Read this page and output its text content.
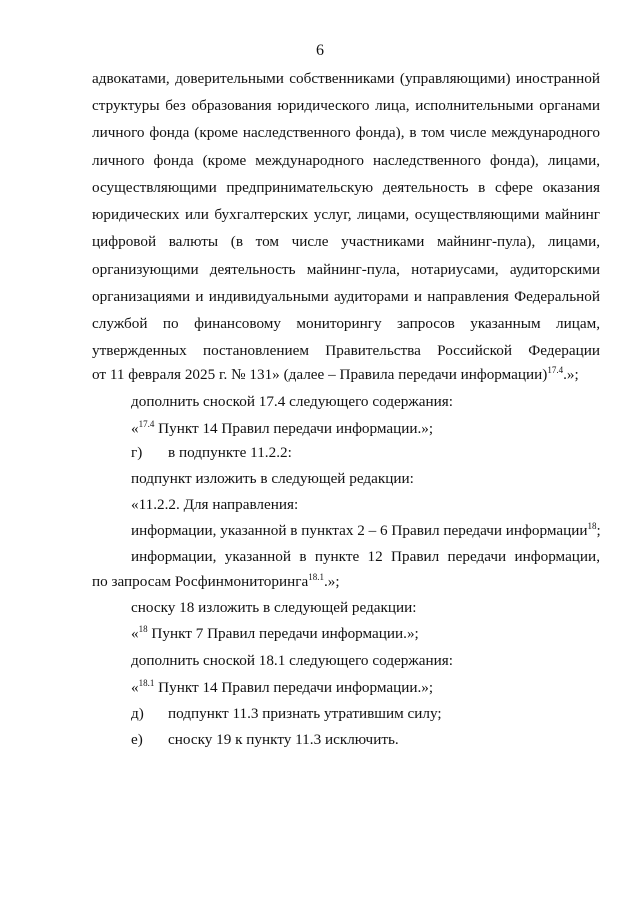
6
адвокатами, доверительными собственниками (управляющими) иностранной
структуры без образования юридического лица, исполнительными органами
личного фонда (кроме наследственного фонда), в том числе международного
личного фонда (кроме международного наследственного фонда), лицами,
осуществляющими предпринимательскую деятельность в сфере оказания
юридических или бухгалтерских услуг, лицами, осуществляющими майнинг
цифровой валюты (в том числе участниками майнинг-пула), лицами,
организующими деятельность майнинг-пула, нотариусами, аудиторскими
организациями и индивидуальными аудиторами и направления Федеральной
службой по финансовому мониторингу запросов указанным лицам,
утвержденных постановлением Правительства Российской Федерации
от 11 февраля 2025 г. № 131» (далее – Правила передачи информации)$^{17.4}$.»;
дополнить сноской 17.4 следующего содержания:
«$^{17.4}$ Пункт 14 Правил передачи информации.»;
г) в подпункте 11.2.2:
подпункт изложить в следующей редакции:
«11.2.2. Для направления:
информации, указанной в пунктах 2 – 6 Правил передачи информации$^{18}$;
информации, указанной в пункте 12 Правил передачи информации,
по запросам Росфинмониторинга$^{18.1}$.»;
сноску 18 изложить в следующей редакции:
«$^{18}$ Пункт 7 Правил передачи информации.»;
дополнить сноской 18.1 следующего содержания:
«$^{18.1}$ Пункт 14 Правил передачи информации.»;
д) подпункт 11.3 признать утратившим силу;
е) сноску 19 к пункту 11.3 исключить.
